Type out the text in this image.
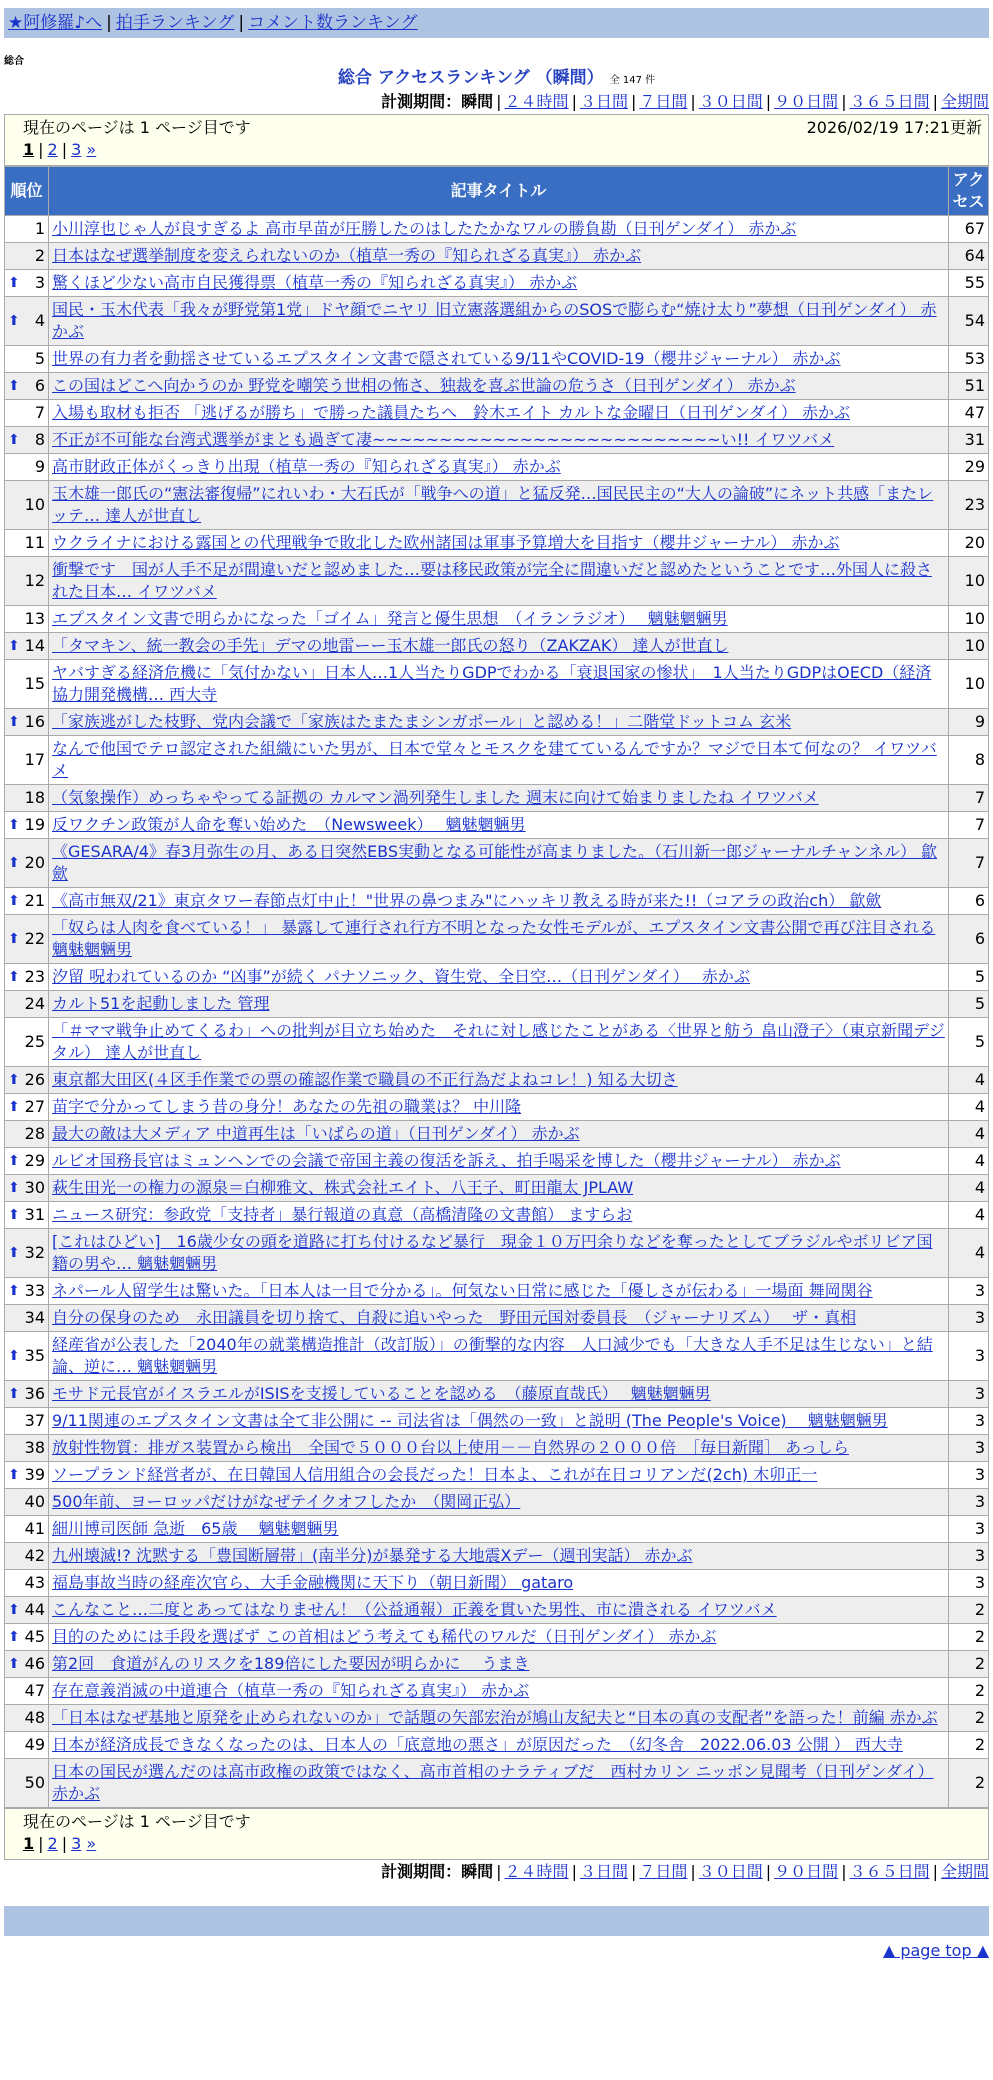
★阿修羅♪へ | 拍手ランキング | コメント数ランキング
総合
総合 アクセスランキング （瞬間） 全 147 件
計測期間：瞬間 | ２４時間 | ３日間 | ７日間 | ３０日間 | ９０日間 | ３６５日間 | 全期間
現在のページは 1 ページ目です	2026/02/19 17:21更新
1 | 2 | 3 »
順位	記事タイトル	アクセス
1	小川淳也じゃ人が良すぎるよ 高市早苗が圧勝したのはしたたかなワルの勝負勘（日刊ゲンダイ） 赤かぶ	67
2	日本はなぜ選挙制度を変えられないのか（植草一秀の『知られざる真実』） 赤かぶ	64

⬆ 3	驚くほど少ない高市自民獲得票（植草一秀の『知られざる真実』） 赤かぶ	55

⬆ 4	国民・玉木代表「我々が野党第1党」ドヤ顔でニヤリ 旧立憲落選組からのSOSで膨らむ“焼け太り”夢想（日刊ゲンダイ） 赤かぶ	54
5	世界の有力者を動揺させているエプスタイン文書で隠されている9/11やCOVID-19（櫻井ジャーナル） 赤かぶ	53

⬆ 6	この国はどこへ向かうのか 野党を嘲笑う世相の怖さ、独裁を喜ぶ世論の危うさ（日刊ゲンダイ） 赤かぶ	51
7	入場も取材も拒否 「逃げるが勝ち」で勝った議員たちへ　鈴木エイト カルトな金曜日（日刊ゲンダイ） 赤かぶ	47

⬆ 8	不正が不可能な台湾式選挙がまとも過ぎて凄~~~~~~~~~~~~~~~~~~~~~~~~~~い!! イワツバメ	31
9	高市財政正体がくっきり出現（植草一秀の『知られざる真実』） 赤かぶ	29
10	玉木雄一郎氏の“憲法審復帰”にれいわ・大石氏が「戦争への道」と猛反発…国民民主の“大人の論破”にネット共感「またレッテ… 達人が世直し	23
11	ウクライナにおける露国との代理戦争で敗北した欧州諸国は軍事予算増大を目指す（櫻井ジャーナル） 赤かぶ	20
12	衝撃です　国が人手不足が間違いだと認めました…要は移民政策が完全に間違いだと認めたということです…外国人に殺された日本… イワツバメ	10
13	エプスタイン文書で明らかになった「ゴイム」発言と優生思想　（イランラジオ）　 魑魅魍魎男	10

⬆ 14	「タマキン、統一教会の手先」デマの地雷ーー玉木雄一郎氏の怒り（ZAKZAK） 達人が世直し	10
15	ヤバすぎる経済危機に「気付かない」日本人…1人当たりGDPでわかる「衰退国家の惨状」　1人当たりGDPはOECD（経済協力開発機構… 西大寺	10

⬆ 16	「家族逃がした枝野、党内会議で「家族はたまたまシンガポール」と認める！」二階堂ドットコム 玄米	9
17	なんで他国でテロ認定された組織にいた男が、日本で堂々とモスクを建てているんですか？マジで日本て何なの？ イワツバメ	8
18	（気象操作）めっちゃやってる証拠の カルマン渦列発生しました 週末に向けて始まりましたね イワツバメ	7

⬆ 19	反ワクチン政策が人命を奪い始めた　（Newsweek）　 魑魅魍魎男	7

⬆ 20	《GESARA/4》春3月弥生の月、ある日突然EBS実動となる可能性が高まりました。（石川新一郎ジャーナルチャンネル） 歙歛	7

⬆ 21	《高市無双/21》東京タワー春節点灯中止！"世界の鼻つまみ"にハッキリ教える時が来た!!（コアラの政治ch） 歙歛	6

⬆ 22	「奴らは人肉を食べている！」 暴露して連行され行方不明となった女性モデルが、エプスタイン文書公開で再び注目される 魑魅魍魎男	6

⬆ 23	汐留 呪われているのか “凶事”が続く パナソニック、資生党、全日空…（日刊ゲンダイ）　 赤かぶ	5
24	カルト51を起動しました 管理	5
25	「＃ママ戦争止めてくるわ」への批判が目立ち始めた　それに対し感じたことがある〈世界と舫う 畠山澄子〉（東京新聞デジタル） 達人が世直し	5

⬆ 26	東京都大田区(４区手作業での票の確認作業で職員の不正行為だよねコレ！) 知る大切さ	4

⬆ 27	苗字で分かってしまう昔の身分！あなたの先祖の職業は？ 中川隆	4
28	最大の敵は大メディア 中道再生は「いばらの道」（日刊ゲンダイ） 赤かぶ	4

⬆ 29	ルビオ国務長官はミュンヘンでの会議で帝国主義の復活を訴え、拍手喝采を博した（櫻井ジャーナル） 赤かぶ	4

⬆ 30	萩生田光一の権力の源泉＝白柳雅文、株式会社エイト、八王子、町田龍太 JPLAW	4

⬆ 31	ニュース研究：参政党「支持者」暴行報道の真意（高橋清隆の文書館） ますらお	4

⬆ 32	[これはひどい]　16歳少女の頭を道路に打ち付けるなど暴行　現金１０万円余りなどを奪ったとしてブラジルやボリビア国籍の男や… 魑魅魍魎男	4

⬆ 33	ネパール人留学生は驚いた。「日本人は一目で分かる」。何気ない日常に感じた「優しさが伝わる」一場面 舞岡関谷	3
34	自分の保身のため　永田議員を切り捨て、自殺に追いやった　野田元国対委員長　（ジャーナリズム）　 ザ・真相	3

⬆ 35	経産省が公表した「2040年の就業構造推計（改訂版）」の衝撃的な内容　人口減少でも「大きな人手不足は生じない」と結論、逆に… 魑魅魍魎男	3

⬆ 36	モサド元長官がイスラエルがISISを支援していることを認める　（藤原直哉氏）　 魑魅魍魎男	3
37	9/11関連のエプスタイン文書は全て非公開に -- 司法省は「偶然の一致」と説明 (The People's Voice)　 魑魅魍魎男	3
38	放射性物質：排ガス装置から検出　全国で５０００台以上使用－－自然界の２０００倍　［毎日新聞］ あっしら	3

⬆ 39	ソープランド経営者が、在日韓国人信用組合の会長だった！日本よ、これが在日コリアンだ(2ch) 木卯正一	3
40	500年前、ヨーロッパだけがなぜテイクオフしたか　（関岡正弘）	3
41	細川博司医師 急逝　65歳　 魑魅魍魎男	3
42	九州壊滅!? 沈黙する「豊国断層帯」(南半分)が暴発する大地震Xデー（週刊実話） 赤かぶ	3
43	福島事故当時の経産次官ら、大手金融機関に天下り（朝日新聞） gataro	3

⬆ 44	こんなこと…二度とあってはなりません！（公益通報）正義を貫いた男性、市に潰される イワツバメ	2

⬆ 45	目的のためには手段を選ばず この首相はどう考えても稀代のワルだ（日刊ゲンダイ） 赤かぶ	2

⬆ 46	第2回　食道がんのリスクを189倍にした要因が明らかに　 うまき	2
47	存在意義消滅の中道連合（植草一秀の『知られざる真実』） 赤かぶ	2
48	「日本はなぜ基地と原発を止められないのか」で話題の矢部宏治が鳩山友紀夫と“日本の真の支配者”を語った！前編 赤かぶ	2
49	日本が経済成長できなくなったのは、日本人の「底意地の悪さ」が原因だった　（幻冬舎　2022.06.03 公開 ） 西大寺	2
50	日本の国民が選んだのは高市政権の政策ではなく、高市首相のナラティブだ　西村カリン ニッポン見聞考（日刊ゲンダイ） 赤かぶ	2
現在のページは 1 ページ目です
1 | 2 | 3 »
計測期間：瞬間 | ２４時間 | ３日間 | ７日間 | ３０日間 | ９０日間 | ３６５日間 | 全期間
▲ page top ▲
